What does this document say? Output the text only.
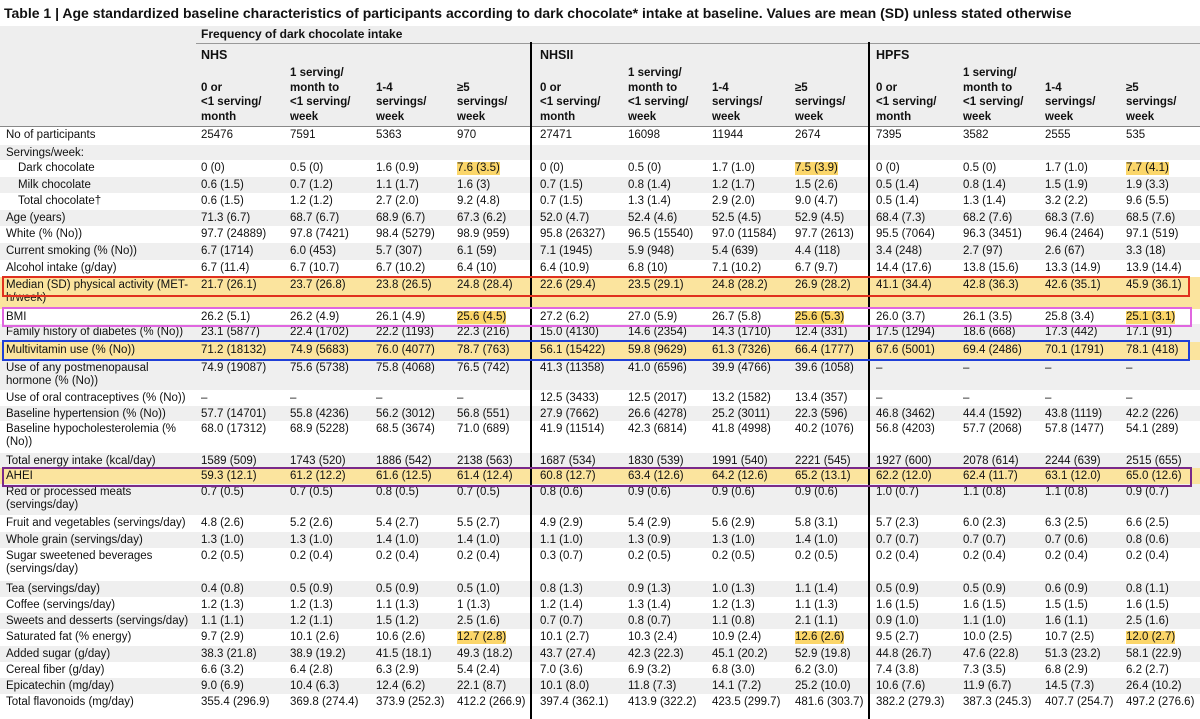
Table 1 | Age standardized baseline characteristics of participants according to dark chocolate* intake at baseline. Values are mean (SD) unless stated otherwise
Frequency of dark chocolate intake
NHS	NHSII	HPFS
0 or
<1 serving/
month
1 serving/
month to
<1 serving/
week
1-4
servings/
week
≥5
servings/
week
0 or
<1 serving/
month
1 serving/
month to
<1 serving/
week
1-4
servings/
week
≥5
servings/
week
0 or
<1 serving/
month
1 serving/
month to
<1 serving/
week
1-4
servings/
week
≥5
servings/
week
No of participants	25476	7591	5363	970	27471	16098	11944	2674	7395	3582	2555	535
Servings/week:
Dark chocolate	0 (0)	0.5 (0)	1.6 (0.9)	7.6 (3.5)	0 (0)	0.5 (0)	1.7 (1.0)	7.5 (3.9)	0 (0)	0.5 (0)	1.7 (1.0)	7.7 (4.1)
Milk chocolate	0.6 (1.5)	0.7 (1.2)	1.1 (1.7)	1.6 (3)	0.7 (1.5)	0.8 (1.4)	1.2 (1.7)	1.5 (2.6)	0.5 (1.4)	0.8 (1.4)	1.5 (1.9)	1.9 (3.3)
Total chocolate†	0.6 (1.5)	1.2 (1.2)	2.7 (2.0)	9.2 (4.8)	0.7 (1.5)	1.3 (1.4)	2.9 (2.0)	9.0 (4.7)	0.5 (1.4)	1.3 (1.4)	3.2 (2.2)	9.6 (5.5)
Age (years)	71.3 (6.7)	68.7 (6.7)	68.9 (6.7)	67.3 (6.2)	52.0 (4.7)	52.4 (4.6)	52.5 (4.5)	52.9 (4.5)	68.4 (7.3)	68.2 (7.6)	68.3 (7.6)	68.5 (7.6)
White (% (No))	97.7 (24889) 97.8 (7421) 98.4 (5279) 98.9 (959)	95.8 (26327) 96.5 (15540) 97.0 (11584) 97.7 (2613) 95.5 (7064) 96.3 (3451) 96.4 (2464) 97.1 (519)
Current smoking (% (No))	6.7 (1714)	6.0 (453)	5.7 (307)	6.1 (59)	7.1 (1945)	5.9 (948)	5.4 (639)	4.4 (118)	3.4 (248)	2.7 (97)	2.6 (67)	3.3 (18)
Alcohol intake (g/day)	6.7 (11.4)	6.7 (10.7)	6.7 (10.2)	6.4 (10)	6.4 (10.9)	6.8 (10)	7.1 (10.2)	6.7 (9.7)	14.4 (17.6)	13.8 (15.6) 13.3 (14.9) 13.9 (14.4)
Median (SD) physical activity (MET-h/week)
21.7 (26.1)	23.7 (26.8)	23.8 (26.5) 24.8 (28.4) 22.6 (29.4)	23.5 (29.1) 24.8 (28.2) 26.9 (28.2) 41.1 (34.4)	42.8 (36.3) 42.6 (35.1) 45.9 (36.1)
BMI	26.2 (5.1)	26.2 (4.9)	26.1 (4.9)	25.6 (4.5)	27.2 (6.2)	27.0 (5.9)	26.7 (5.8)	25.6 (5.3)	26.0 (3.7)	26.1 (3.5)	25.8 (3.4)	25.1 (3.1)
Family history of diabetes (% (No))	23.1 (5877)	22.4 (1702) 22.2 (1193) 22.3 (216)	15.0 (4130)	14.6 (2354) 14.3 (1710) 12.4 (331) 17.5 (1294) 18.6 (668)	17.3 (442) 17.1 (91)
Multivitamin use (% (No))	71.2 (18132) 74.9 (5683) 76.0 (4077) 78.7 (763)	56.1 (15422) 59.8 (9629) 61.3 (7326) 66.4 (1777) 67.6 (5001) 69.4 (2486) 70.1 (1791) 78.1 (418)
Use of any postmenopausal hormone (% (No))
74.9 (19087) 75.6 (5738) 75.8 (4068) 76.5 (742)	41.3 (11358) 41.0 (6596) 39.9 (4766) 39.6 (1058) –	–	–	–
Use of oral contraceptives (% (No))	–	–	–	–	12.5 (3433)	12.5 (2017) 13.2 (1582) 13.4 (357) –	–	–	–
Baseline hypertension (% (No))	57.7 (14701) 55.8 (4236) 56.2 (3012) 56.8 (551)	27.9 (7662)	26.6 (4278) 25.2 (3011) 22.3 (596) 46.8 (3462) 44.4 (1592) 43.8 (1119) 42.2 (226)
Baseline hypocholesterolemia (% (No))
68.0 (17312) 68.9 (5228) 68.5 (3674) 71.0 (689)	41.9 (11514) 42.3 (6814) 41.8 (4998) 40.2 (1076) 56.8 (4203) 57.7 (2068) 57.8 (1477) 54.1 (289)
Total energy intake (kcal/day)	1589 (509)	1743 (520)	1886 (542) 2138 (563) 1687 (534)	1830 (539) 1991 (540) 2221 (545) 1927 (600)	2078 (614) 2244 (639) 2515 (655)
AHEI	59.3 (12.1)	61.2 (12.2)	61.6 (12.5) 61.4 (12.4) 60.8 (12.7)	63.4 (12.6) 64.2 (12.6) 65.2 (13.1) 62.2 (12.0)	62.4 (11.7) 63.1 (12.0) 65.0 (12.6)
Red or processed meats (servings/day)
0.7 (0.5)	0.7 (0.5)	0.8 (0.5)	0.7 (0.5)	0.8 (0.6)	0.9 (0.6)	0.9 (0.6)	0.9 (0.6)	1.0 (0.7)	1.1 (0.8)	1.1 (0.8)	0.9 (0.7)
Fruit and vegetables (servings/day)	4.8 (2.6)	5.2 (2.6)	5.4 (2.7)	5.5 (2.7)	4.9 (2.9)	5.4 (2.9)	5.6 (2.9)	5.8 (3.1)	5.7 (2.3)	6.0 (2.3)	6.3 (2.5)	6.6 (2.5)
Whole grain (servings/day)	1.3 (1.0)	1.3 (1.0)	1.4 (1.0)	1.4 (1.0)	1.1 (1.0)	1.3 (0.9)	1.3 (1.0)	1.4 (1.0)	0.7 (0.7)	0.7 (0.7)	0.7 (0.6)	0.8 (0.6)
Sugar sweetened beverages (servings/day)
0.2 (0.5)	0.2 (0.4)	0.2 (0.4)	0.2 (0.4)	0.3 (0.7)	0.2 (0.5)	0.2 (0.5)	0.2 (0.5)	0.2 (0.4)	0.2 (0.4)	0.2 (0.4)	0.2 (0.4)
Tea (servings/day)	0.4 (0.8)	0.5 (0.9)	0.5 (0.9)	0.5 (1.0)	0.8 (1.3)	0.9 (1.3)	1.0 (1.3)	1.1 (1.4)	0.5 (0.9)	0.5 (0.9)	0.6 (0.9)	0.8 (1.1)
Coffee (servings/day)	1.2 (1.3)	1.2 (1.3)	1.1 (1.3)	1 (1.3)	1.2 (1.4)	1.3 (1.4)	1.2 (1.3)	1.1 (1.3)	1.6 (1.5)	1.6 (1.5)	1.5 (1.5)	1.6 (1.5)
Sweets and desserts (servings/day)	1.1 (1.1)	1.2 (1.1)	1.5 (1.2)	2.5 (1.6)	0.7 (0.7)	0.8 (0.7)	1.1 (0.8)	2.1 (1.1)	0.9 (1.0)	1.1 (1.0)	1.6 (1.1)	2.5 (1.6)
Saturated fat (% energy)	9.7 (2.9)	10.1 (2.6)	10.6 (2.6)	12.7 (2.8)	10.1 (2.7)	10.3 (2.4)	10.9 (2.4)	12.6 (2.6)	9.5 (2.7)	10.0 (2.5)	10.7 (2.5)	12.0 (2.7)
Added sugar (g/day)	38.3 (21.8)	38.9 (19.2)	41.5 (18.1) 49.3 (18.2) 43.7 (27.4)	42.3 (22.3) 45.1 (20.2) 52.9 (19.8) 44.8 (26.7)	47.6 (22.8) 51.3 (23.2) 58.1 (22.9)
Cereal fiber (g/day)	6.6 (3.2)	6.4 (2.8)	6.3 (2.9)	5.4 (2.4)	7.0 (3.6)	6.9 (3.2)	6.8 (3.0)	6.2 (3.0)	7.4 (3.8)	7.3 (3.5)	6.8 (2.9)	6.2 (2.7)
Epicatechin (mg/day)	9.0 (6.9)	10.4 (6.3)	12.4 (6.2)	22.1 (8.7)	10.1 (8.0)	11.8 (7.3)	14.1 (7.2)	25.2 (10.0) 10.6 (7.6)	11.9 (6.7)	14.5 (7.3)	26.4 (10.2)
Total flavonoids (mg/day)	355.4 (296.9) 369.8 (274.4) 373.9 (252.3) 412.2 (266.9) 397.4 (362.1) 413.9 (322.2) 423.5 (299.7) 481.6 (303.7) 382.2 (279.3) 387.3 (245.3) 407.7 (254.7) 497.2 (276.6)
